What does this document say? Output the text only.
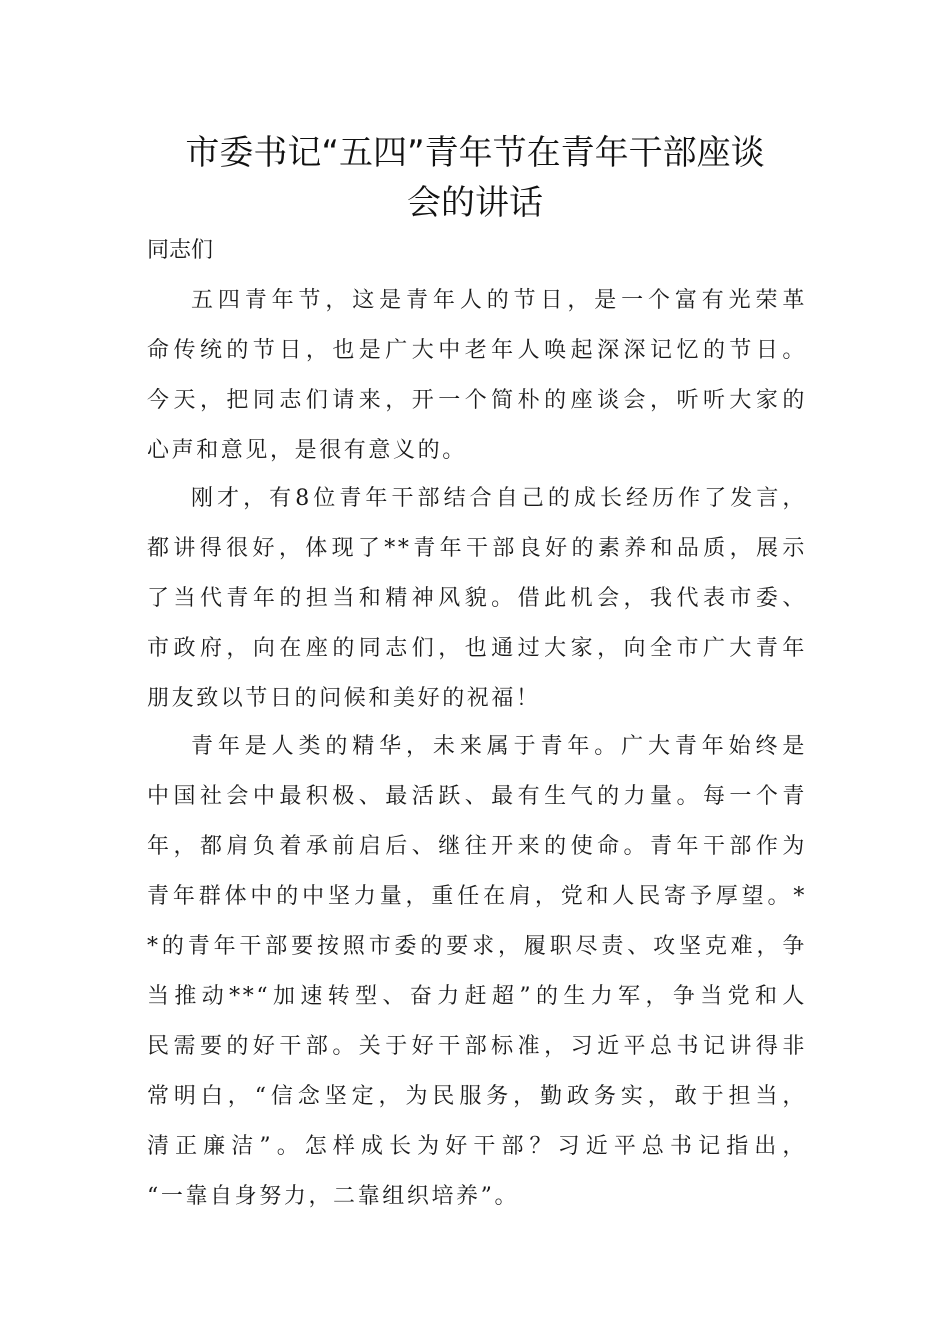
市委书记“五四”青年节在青年干部座谈
会的讲话

同志们

五四青年节，这是青年人的节日，是一个富有光荣革
命传统的节日，也是广大中老年人唤起深深记忆的节日。
今天，把同志们请来，开一个简朴的座谈会，听听大家的
心声和意见，是很有意义的。

刚才，有8位青年干部结合自己的成长经历作了发言，
都讲得很好，体现了**青年干部良好的素养和品质，展示
了当代青年的担当和精神风貌。借此机会，我代表市委、
市政府，向在座的同志们，也通过大家，向全市广大青年
朋友致以节日的问候和美好的祝福！

青年是人类的精华，未来属于青年。广大青年始终是
中国社会中最积极、最活跃、最有生气的力量。每一个青
年，都肩负着承前启后、继往开来的使命。青年干部作为
青年群体中的中坚力量，重任在肩，党和人民寄予厚望。*
*的青年干部要按照市委的要求，履职尽责、攻坚克难，争
当推动**“加速转型、奋力赶超”的生力军，争当党和人
民需要的好干部。关于好干部标准，习近平总书记讲得非
常明白，“信念坚定，为民服务，勤政务实，敢于担当，
清正廉洁”。怎样成长为好干部？习近平总书记指出，
“一靠自身努力，二靠组织培养”。
